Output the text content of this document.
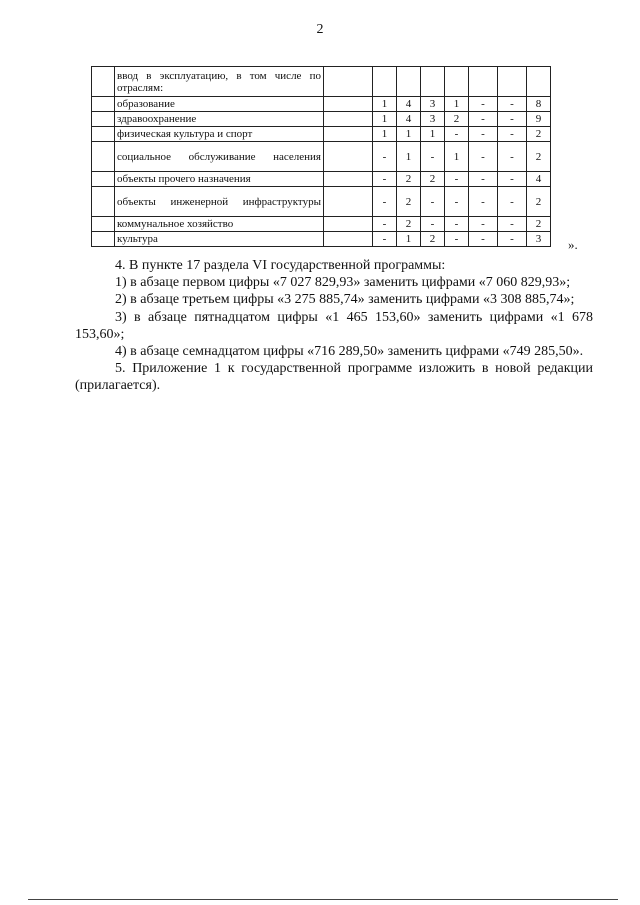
2
	ввод в эксплуатацию, в том числе по отраслям:								
	образование		1	4	3	1	-	-	8
	здравоохранение		1	4	3	2	-	-	9
	физическая культура и спорт		1	1	1	-	-	-	2
	социальное обслуживание населения		-	1	-	1	-	-	2
	объекты прочего назначения		-	2	2	-	-	-	4
	объекты инженерной инфраструктуры		-	2	-	-	-	-	2
	коммунальное хозяйство		-	2	-	-	-	-	2
	культура		-	1	2	-	-	-	3 ».

4. В пункте 17 раздела VI государственной программы:

1) в абзаце первом цифры «7 027 829,93» заменить цифрами «7 060 829,93»;

2) в абзаце третьем цифры «3 275 885,74» заменить цифрами «3 308 885,74»;

3) в абзаце пятнадцатом цифры «1 465 153,60» заменить цифрами «1 678 153,60»;

4) в абзаце семнадцатом цифры «716 289,50» заменить цифрами «749 285,50».

5. Приложение 1 к государственной программе изложить в новой редакции (прилагается).
